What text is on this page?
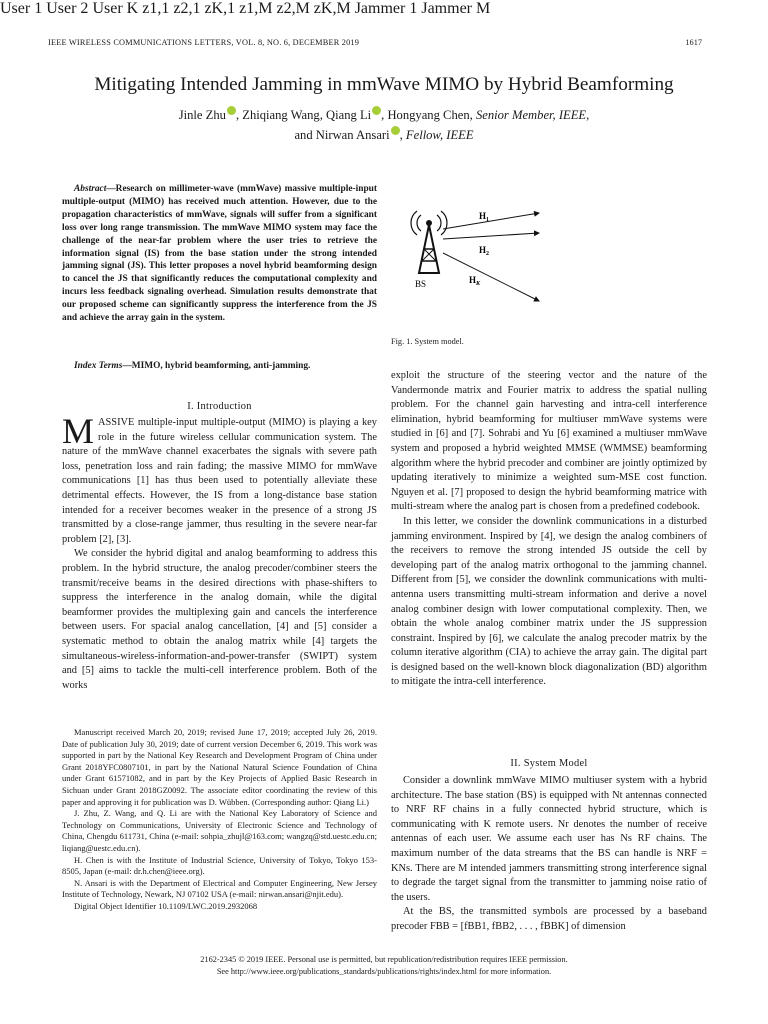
IEEE WIRELESS COMMUNICATIONS LETTERS, VOL. 8, NO. 6, DECEMBER 2019	1617
Mitigating Intended Jamming in mmWave MIMO by Hybrid Beamforming
Jinle Zhu , Zhiqiang Wang, Qiang Li , Hongyang Chen, Senior Member, IEEE,
and Nirwan Ansari , Fellow, IEEE
Abstract—Research on millimeter-wave (mmWave) massive multiple-input multiple-output (MIMO) has received much attention. However, due to the propagation characteristics of mmWave, signals will suffer from a significant loss over long range transmission. The mmWave MIMO system may face the challenge of the near-far problem where the user tries to retrieve the information signal (IS) from the base station under the strong intended jamming signal (JS). This letter proposes a novel hybrid beamforming design to cancel the JS that significantly reduces the computational complexity and incurs less feedback signaling overhead. Simulation results demonstrate that our proposed scheme can significantly suppress the interference from the JS and achieve the array gain in the system.
Index Terms—MIMO, hybrid beamforming, anti-jamming.
I. Introduction
MASSIVE multiple-input multiple-output (MIMO) is playing a key role in the future wireless cellular communication system. The nature of the mmWave channel exacerbates the signals with severe path loss, penetration loss and rain fading; the massive MIMO for mmWave communications [1] has thus been used to potentially alleviate these detrimental effects. However, the IS from a long-distance base station intended for a receiver becomes weaker in the presence of a strong JS transmitted by a close-range jammer, thus resulting in the severe near-far problem [2], [3].

We consider the hybrid digital and analog beamforming to address this problem. In the hybrid structure, the analog precoder/combiner steers the transmit/receive beams in the desired directions with phase-shifters to suppress the interference in the analog domain, while the digital beamformer provides the multiplexing gain and cancels the interference between users. For spacial analog cancellation, [4] and [5] consider a systematic method to obtain the analog matrix while [4] targets the simultaneous-wireless-information-and-power-transfer (SWIPT) system and [5] aims to tackle the multi-cell interference problem. Both of the works

Manuscript received March 20, 2019; revised June 17, 2019; accepted July 26, 2019. Date of publication July 30, 2019; date of current version December 6, 2019. This work was supported in part by the National Key Research and Development Program of China under Grant 2018YFC0807101, in part by the National Natural Science Foundation of China under Grant 61571082, and in part by the Key Projects of Applied Basic Research in Sichuan under Grant 2018GZ0092. The associate editor coordinating the review of this paper and approving it for publication was D. Wübben. (Corresponding author: Qiang Li.)

J. Zhu, Z. Wang, and Q. Li are with the National Key Laboratory of Science and Technology on Communications, University of Electronic Science and Technology of China, Chengdu 611731, China (e-mail: sohpia_zhujl@163.com; wangzq@std.uestc.edu.cn; liqiang@uestc.edu.cn).

H. Chen is with the Institute of Industrial Science, University of Tokyo, Tokyo 153-8505, Japan (e-mail: dr.h.chen@ieee.org).

N. Ansari is with the Department of Electrical and Computer Engineering, New Jersey Institute of Technology, Newark, NJ 07102 USA (e-mail: nirwan.ansari@njit.edu).

Digital Object Identifier 10.1109/LWC.2019.2932068

BS
$H_1$
$H_2$
$H_K$
User 1 User 2 User K z1,1 z2,1 zK,1 z1,M z2,M zK,M Jammer 1 Jammer M
Fig. 1. System model.
exploit the structure of the steering vector and the nature of the Vandermonde matrix and Fourier matrix to address the spatial nulling problem. For the channel gain harvesting and intra-cell interference elimination, hybrid beamforming for multiuser mmWave systems were studied in [6] and [7]. Sohrabi and Yu [6] examined a multiuser mmWave system and proposed a hybrid weighted MMSE (WMMSE) beamforming algorithm where the hybrid precoder and combiner are jointly optimized by updating iteratively to minimize a weighted sum-MSE cost function. Nguyen et al. [7] proposed to design the hybrid beamforming matrice with multi-stream where the analog part is chosen from a predefined codebook.

In this letter, we consider the downlink communications in a disturbed jamming environment. Inspired by [4], we design the analog combiners of the receivers to remove the strong intended JS outside the cell by developing part of the analog matrix orthogonal to the jamming channel. Different from [5], we consider the downlink communications with multi-antenna users transmitting multi-stream information and derive a novel analog combiner design with lower computational complexity. Then, we obtain the whole analog combiner matrix under the JS suppression constraint. Inspired by [6], we calculate the analog precoder matrix by the column iterative algorithm (CIA) to achieve the array gain. The digital part is designed based on the well-known block diagonalization (BD) algorithm to mitigate the intra-cell interference.

II. System Model

Consider a downlink mmWave MIMO multiuser system with a hybrid architecture. The base station (BS) is equipped with Nt antennas connected to NRF RF chains in a fully connected hybrid structure, which is communicating with K remote users. Nr denotes the number of receive antennas of each user. We assume each user has Ns RF chains. The maximum number of the data streams that the BS can handle is NRF = KNs. There are M intended jammers transmitting strong interference signal to degrade the target signal from the transmitter to jamming noise ratio of the users.

At the BS, the transmitted symbols are processed by a baseband precoder FBB = [fBB1, fBB2, . . . , fBBK] of dimension

2162-2345 © 2019 IEEE. Personal use is permitted, but republication/redistribution requires IEEE permission.
See http://www.ieee.org/publications_standards/publications/rights/index.html for more information.
